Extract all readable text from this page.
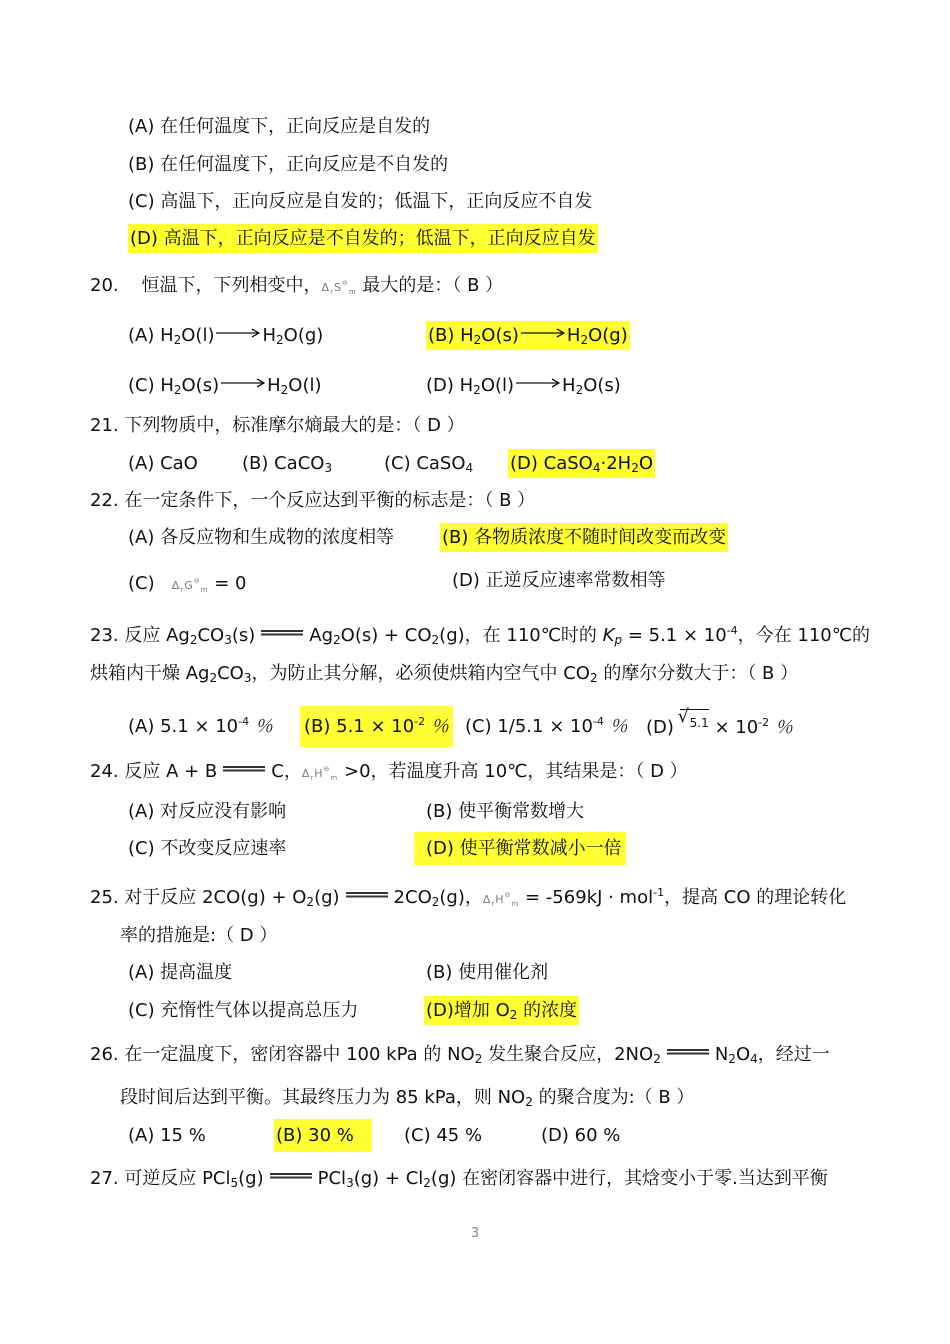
(A) 在任何温度下，正向反应是自发的
(B) 在任何温度下，正向反应是不自发的
(C) 高温下，正向反应是自发的；低温下，正向反应不自发
(D) 高温下，正向反应是不自发的；低温下，正向反应自发
20. 恒温下，下列相变中，$\Delta_rS^⊖_m$ 最大的是：（ B ）
(A) $H_2O(l) \to H_2O(g)$	(B) $H_2O(s) \to H_2O(g)$
(C) $H_2O(s) \to H_2O(l)$	(D) $H_2O(l) \to H_2O(s)$
21. 下列物质中，标准摩尔熵最大的是：（ D ）
(A) CaO (B) CaCO$_3$	(C) CaSO$_4$ (D) $CaSO_4\cdot 2H_2O$
22. 在一定条件下，一个反应达到平衡的标志是：（ B ）
(A) 各反应物和生成物的浓度相等	(B) 各物质浓度不随时间改变而改变
(C) $\Delta_rG^⊖_m = 0$	(D) 正逆反应速率常数相等
23. 反应 $Ag_2CO_3(s)$	$Ag_2O(s) + CO_2(g)$，在 110℃时的 $K_p = 5.1 \times 10^{-4}$，今在 110℃的
烘箱内干燥 $Ag_2CO_3$，为防止其分解，必须使烘箱内空气中 $CO_2$ 的摩尔分数大于：（ B ）
(A) $5.1 \times 10^{-4}$ ％ (B) $5.1 \times 10^{-2}$ ％ (C) $1/5.1 \times 10^{-4}$ ％ (D) √ $5.1 \times 10^{-2}$ ％
24. 反应 A + B	C，$\Delta_rH^⊖_m >0$，若温度升高 10℃，其结果是：（ D ）
(A) 对反应没有影响	(B) 使平衡常数增大
(C) 不改变反应速率	(D) 使平衡常数减小一倍
25. 对于反应 $2CO(g) + O_2(g)$	$2CO_2(g)$，$\Delta_rH^⊖_m = -569kJ \cdot mol^{-1}$，提高 CO 的理论转化
率的措施是:（ D ）
(A) 提高温度	(B) 使用催化剂
(C) 充惰性气体以提高总压力	(D)增加 $O_2$ 的浓度
26. 在一定温度下，密闭容器中 100 kPa 的 $NO_2$ 发生聚合反应，$2NO_2$	$N_2O_4$，经过一
段时间后达到平衡。其最终压力为 85 kPa，则 $NO_2$ 的聚合度为:（ B ）
(A) 15 %	(B) 30 %	(C) 45 %	(D) 60 %
27. 可逆反应 PCl$_5$(g)	$PCl_3(g) + Cl_2(g)$ 在密闭容器中进行，其焓变小于零.当达到平衡
3
